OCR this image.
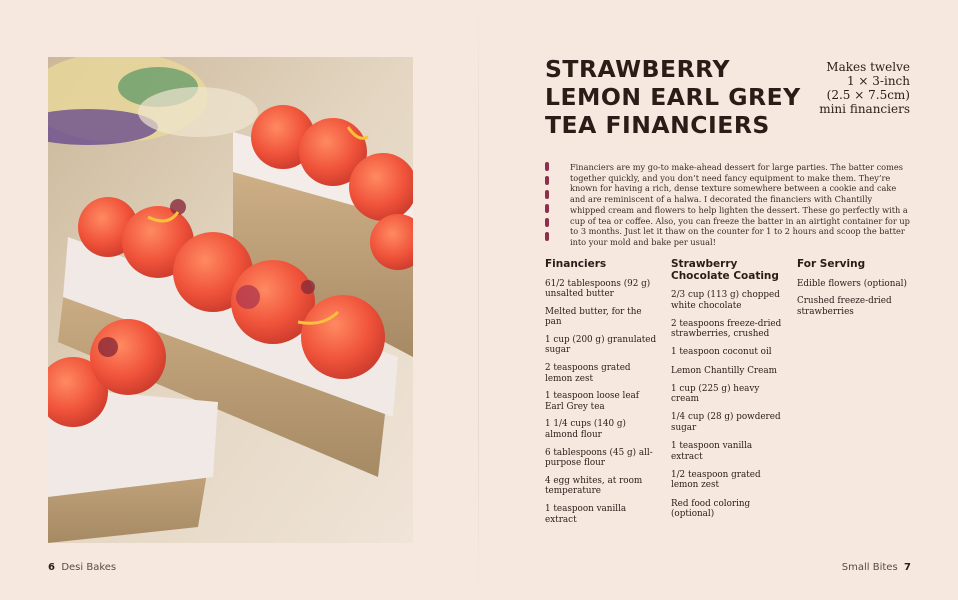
6 Desi Bakes
STRAWBERRY
LEMON EARL GREY
TEA FINANCIERS
Makes twelve
1 × 3-inch
(2.5 × 7.5cm)
mini financiers

Financiers are my go-to make-ahead dessert for large parties. The batter comes together quickly, and you don’t need fancy equipment to make them. They’re known for having a rich, dense texture somewhere between a cookie and cake and are reminiscent of a halwa. I decorated the financiers with Chantilly whipped cream and flowers to help lighten the dessert. These go perfectly with a cup of tea or coffee. Also, you can freeze the batter in an airtight container for up to 3 months. Just let it thaw on the counter for 1 to 2 hours and scoop the batter into your mold and bake per usual!

Financiers
61/2 tablespoons (92 g) unsalted butter
Melted butter, for the pan
1 cup (200 g) granulated sugar
2 teaspoons grated lemon zest
1 teaspoon loose leaf Earl Grey tea
1 1/4 cups (140 g) almond flour
6 tablespoons (45 g) all-purpose flour
4 egg whites, at room temperature
1 teaspoon vanilla extract
Strawberry Chocolate Coating
2/3 cup (113 g) chopped white chocolate
2 teaspoons freeze-dried strawberries, crushed
1 teaspoon coconut oil
Lemon Chantilly Cream
1 cup (225 g) heavy cream
1/4 cup (28 g) powdered sugar
1 teaspoon vanilla extract
1/2 teaspoon grated lemon zest
Red food coloring (optional)
For Serving
Edible flowers (optional)
Crushed freeze-dried strawberries
Small Bites 7
